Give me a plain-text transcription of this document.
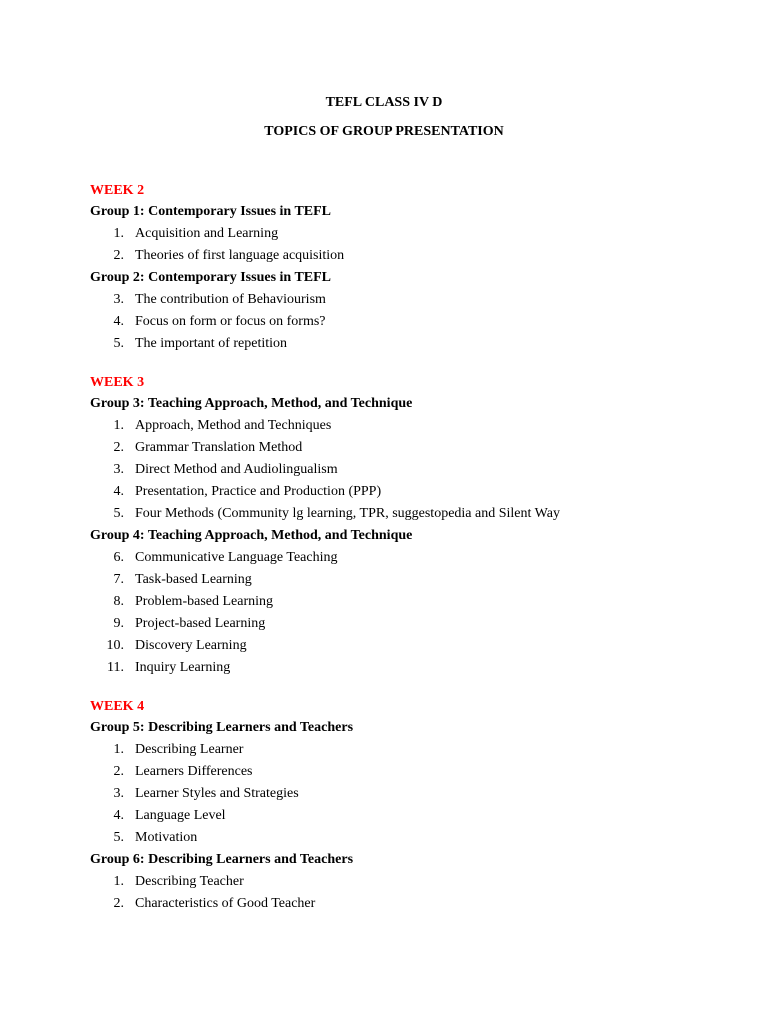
TEFL CLASS IV D
TOPICS OF GROUP PRESENTATION
WEEK 2
Group 1: Contemporary Issues in TEFL
1. Acquisition and Learning
2. Theories of first language acquisition
Group 2: Contemporary Issues in TEFL
3. The contribution of Behaviourism
4. Focus on form or focus on forms?
5. The important of repetition
WEEK 3
Group 3: Teaching Approach, Method, and Technique
1. Approach, Method and Techniques
2. Grammar Translation Method
3. Direct Method and Audiolingualism
4. Presentation, Practice and Production (PPP)
5. Four Methods (Community lg learning, TPR, suggestopedia and Silent Way
Group 4: Teaching Approach, Method, and Technique
6. Communicative Language Teaching
7. Task-based Learning
8. Problem-based Learning
9. Project-based Learning
10. Discovery Learning
11. Inquiry Learning
WEEK 4
Group 5: Describing Learners and Teachers
1. Describing Learner
2. Learners Differences
3. Learner Styles and Strategies
4. Language Level
5. Motivation
Group 6: Describing Learners and Teachers
1. Describing Teacher
2. Characteristics of Good Teacher
